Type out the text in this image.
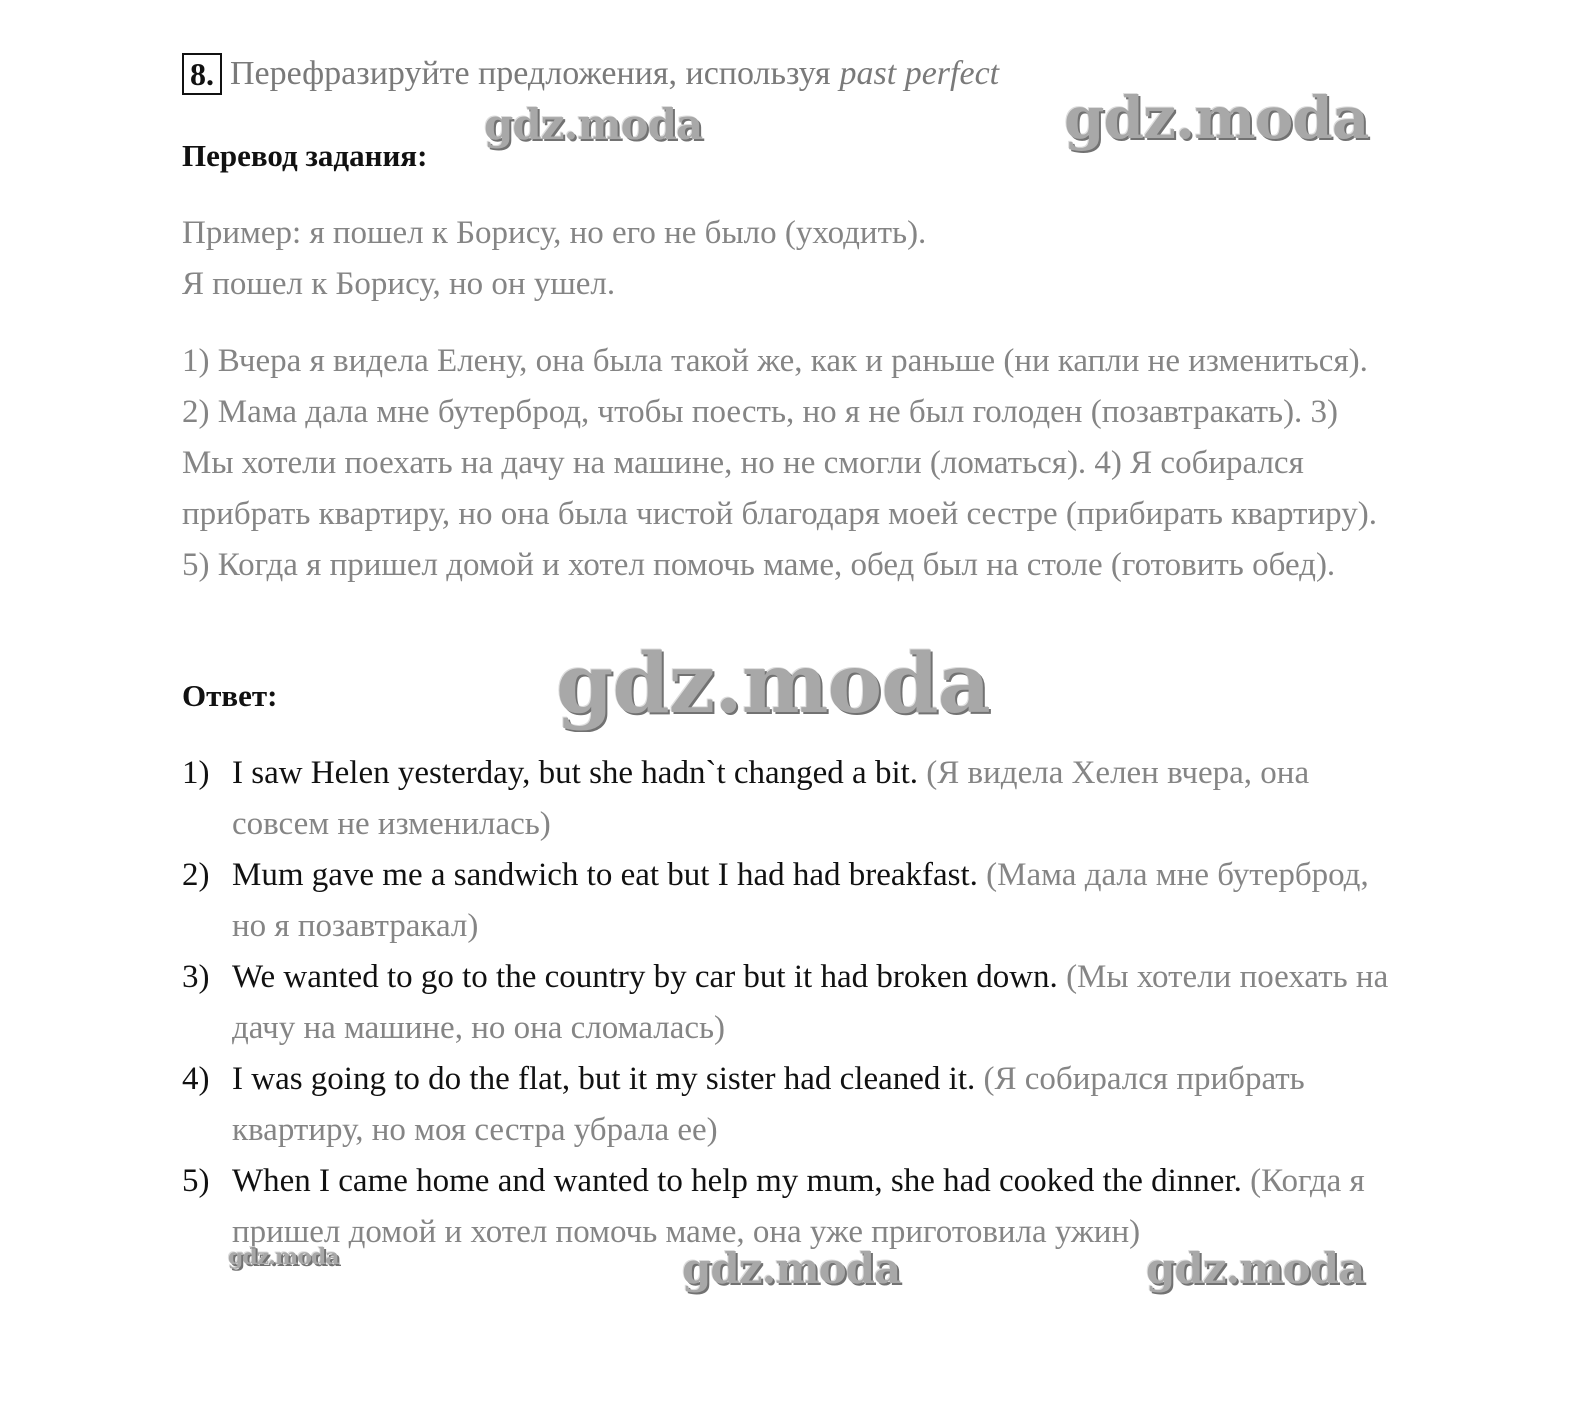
8. Перефразируйте предложения, используя past perfect
Перевод задания:
Пример: я пошел к Борису, но его не было (уходить).
Я пошел к Борису, но он ушел.
1) Вчера я видела Елену, она была такой же, как и раньше (ни капли не измениться). 2) Мама дала мне бутерброд, чтобы поесть, но я не был голоден (позавтракать). 3) Мы хотели поехать на дачу на машине, но не смогли (ломаться). 4) Я собирался прибрать квартиру, но она была чистой благодаря моей сестре (прибирать квартиру). 5) Когда я пришел домой и хотел помочь маме, обед был на столе (готовить обед).
Ответ:
1) I saw Helen yesterday, but she hadn`t changed a bit. (Я видела Хелен вчера, она совсем не изменилась)
2) Mum gave me a sandwich to eat but I had had breakfast. (Мама дала мне бутерброд, но я позавтракал)
3) We wanted to go to the country by car but it had broken down. (Мы хотели поехать на дачу на машине, но она сломалась)
4) I was going to do the flat, but it my sister had cleaned it. (Я собирался прибрать квартиру, но моя сестра убрала ее)
5) When I came home and wanted to help my mum, she had cooked the dinner. (Когда я пришел домой и хотел помочь маме, она уже приготовила ужин)
gdz.moda	gdz.moda
gdz.moda
gdz.moda	gdz.moda	gdz.moda
